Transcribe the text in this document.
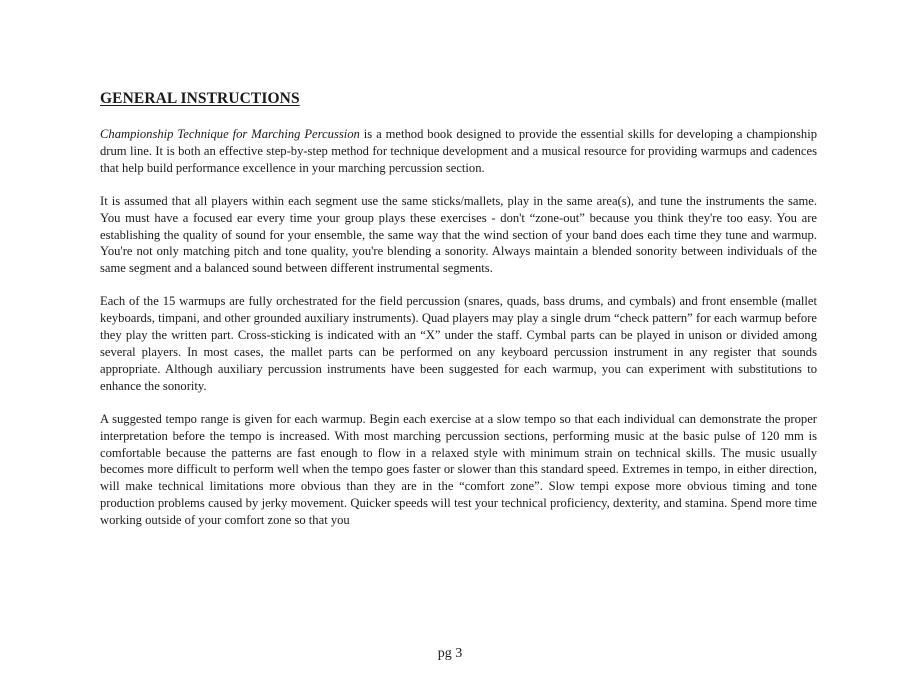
GENERAL INSTRUCTIONS

Championship Technique for Marching Percussion is a method book designed to provide the essential skills for developing a championship drum line. It is both an effective step-by-step method for technique development and a musical resource for providing warmups and cadences that help build performance excellence in your marching percussion section.

It is assumed that all players within each segment use the same sticks/mallets, play in the same area(s), and tune the instruments the same. You must have a focused ear every time your group plays these exercises - don't “zone-out” because you think they're too easy. You are establishing the quality of sound for your ensemble, the same way that the wind section of your band does each time they tune and warmup. You're not only matching pitch and tone quality, you're blending a sonority. Always maintain a blended sonority between individuals of the same segment and a balanced sound between different instrumental segments.

Each of the 15 warmups are fully orchestrated for the field percussion (snares, quads, bass drums, and cymbals) and front ensemble (mallet keyboards, timpani, and other grounded auxiliary instruments). Quad players may play a single drum “check pattern” for each warmup before they play the written part. Cross-sticking is indicated with an “X” under the staff. Cymbal parts can be played in unison or divided among several players. In most cases, the mallet parts can be performed on any keyboard percussion instrument in any register that sounds appropriate. Although auxiliary percussion instruments have been suggested for each warmup, you can experiment with substitutions to enhance the sonority.

A suggested tempo range is given for each warmup. Begin each exercise at a slow tempo so that each individual can demonstrate the proper interpretation before the tempo is increased. With most marching percussion sections, performing music at the basic pulse of 120 mm is comfortable because the patterns are fast enough to flow in a relaxed style with minimum strain on technical skills. The music usually becomes more difficult to perform well when the tempo goes faster or slower than this standard speed. Extremes in tempo, in either direction, will make technical limitations more obvious than they are in the “comfort zone”. Slow tempi expose more obvious timing and tone production problems caused by jerky movement. Quicker speeds will test your technical proficiency, dexterity, and stamina. Spend more time working outside of your comfort zone so that you

pg 3
